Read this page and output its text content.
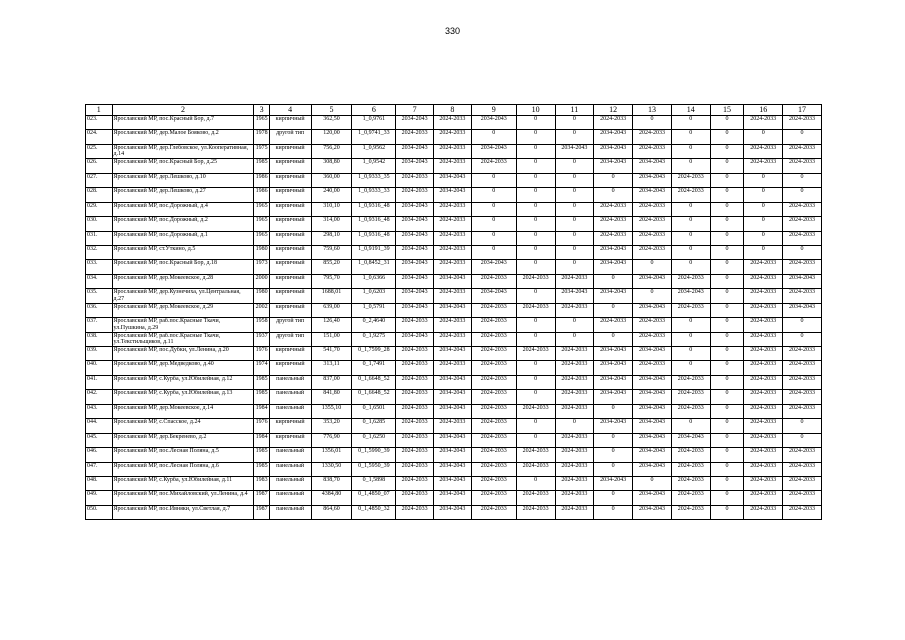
330
1	2	3	4	5	6	7	8	9	10	11	12	13	14	15	16	17
023.	Ярославский МР, пос.Красный Бор, д.7	1965	кирпичный	362,50	1_0,9761	2034-2043	2024-2033	2034-2043	0	0	2024-2033	0	0	0	2024-2033	2024-2033
024.	Ярославский МР, дер.Малое Бояково, д.2	1978	другой тип	120,00	1_0,9741_33	2024-2033	2024-2033	0	0	0	2034-2043	2024-2033	0	0	0	0
025.	Ярославский МР, дер.Глебовское, ул.Кооперативная, д.14	1975	кирпичный	756,20	1_0,9562	2034-2043	2024-2033	2034-2043	0	2034-2043	2034-2043	2024-2033	0	0	2024-2033	2024-2033
026.	Ярославский МР, пос.Красный Бор, д.25	1985	кирпичный	308,80	1_0,9542	2034-2043	2024-2033	2024-2033	0	0	2034-2043	2034-2043	0	0	2024-2033	2024-2033
027.	Ярославский МР, дер.Лешково, д.10	1986	кирпичный	360,00	1_0,9333_35	2024-2033	2034-2043	0	0	0	0	2034-2043	2024-2033	0	0	0
028.	Ярославский МР, дер.Лешково, д.27	1986	кирпичный	240,00	1_0,9333_33	2024-2033	2034-2043	0	0	0	0	2034-2043	2024-2033	0	0	0
029.	Ярославский МР, пос.Дорожный, д.4	1965	кирпичный	310,10	1_0,9316_48	2034-2043	2024-2033	0	0	0	2024-2033	2024-2033	0	0	0	2024-2033
030.	Ярославский МР, пос.Дорожный, д.2	1965	кирпичный	314,00	1_0,9316_48	2034-2043	2024-2033	0	0	0	2024-2033	2024-2033	0	0	0	2024-2033
031.	Ярославский МР, пос.Дорожный, д.1	1965	кирпичный	298,10	1_0,9316_48	2034-2043	2024-2033	0	0	0	2024-2033	2024-2033	0	0	0	2024-2033
032.	Ярославский МР, ст.Уткино, д.5	1980	кирпичный	759,60	1_0,9191_39	2034-2043	2024-2033	0	0	0	2034-2043	2024-2033	0	0	0	0
033.	Ярославский МР, пос.Красный Бор, д.18	1973	кирпичный	855,20	1_0,8452_31	2034-2043	2024-2033	2034-2043	0	0	2034-2043	0	0	0	2024-2033	2024-2033
034.	Ярославский МР, дер.Мокеевское, д.28	2000	кирпичный	795,70	1_0,6366	2034-2043	2034-2043	2024-2033	2024-2033	2024-2033	0	2034-2043	2024-2033	0	2024-2033	2034-2043
035.	Ярославский МР, дер.Кузнечиха, ул.Центральная, д.27	1980	кирпичный	1688,01	1_0,6203	2034-2043	2024-2033	2034-2043	0	2034-2043	2034-2043	0	2034-2043	0	2024-2033	2024-2033
036.	Ярославский МР, дер.Мокеевское, д.29	2002	кирпичный	639,00	1_0,5791	2034-2043	2034-2043	2024-2033	2024-2033	2024-2033	0	2034-2043	2024-2033	0	2024-2033	2034-2043
037.	Ярославский МР, раб.пос.Красные Ткачи, ул.Пушкина, д.29	1958	другой тип	126,40	0_2,4640	2024-2033	2024-2033	2024-2033	0	0	2024-2033	2024-2033	0	0	2024-2033	0
038.	Ярославский МР, раб.пос.Красные Ткачи, ул.Текстильщиков, д.11	1937	другой тип	151,00	0_1,9275	2034-2043	2024-2033	2024-2033	0	0	0	2024-2033	0	0	2024-2033	0
039.	Ярославский МР, пос.Дубки, ул.Ленина, д.20	1976	кирпичный	541,70	0_1,7599_28	2024-2033	2034-2043	2024-2033	2024-2033	2024-2033	2034-2043	2034-2043	0	0	2024-2033	2024-2033
040.	Ярославский МР, дер.Медведково, д.40	1974	кирпичный	313,11	0_1,7491	2024-2033	2024-2033	2024-2033	0	2024-2033	2034-2043	2024-2033	0	0	2024-2033	2024-2033
041.	Ярославский МР, с.Курба, ул.Юбилейная, д.12	1985	панельный	837,00	0_1,6648_52	2024-2033	2034-2043	2024-2033	0	2024-2033	2034-2043	2034-2043	2024-2033	0	2024-2033	2024-2033
042.	Ярославский МР, с.Курба, ул.Юбилейная, д.13	1985	панельный	841,80	0_1,6648_52	2024-2033	2034-2043	2024-2033	0	2024-2033	2034-2043	2034-2043	2024-2033	0	2024-2033	2024-2033
043.	Ярославский МР, дер.Мокеевское, д.14	1984	панельный	1355,10	0_1,6501	2024-2033	2034-2043	2024-2033	2024-2033	2024-2033	0	2034-2043	2024-2033	0	2024-2033	2024-2033
044.	Ярославский МР, с.Спасское, д.24	1976	кирпичный	353,20	0_1,6285	2024-2033	2024-2033	2024-2033	0	0	2034-2043	2034-2043	0	0	2024-2033	0
045.	Ярославский МР, дер.Бекренево, д.2	1984	кирпичный	776,90	0_1,6250	2024-2033	2034-2043	2024-2033	0	2024-2033	0	2034-2043	2034-2043	0	2024-2033	0
046.	Ярославский МР, пос.Лесная Поляна, д.5	1985	панельный	1356,01	0_1,5990_39	2024-2033	2034-2043	2024-2033	2024-2033	2024-2033	0	2034-2043	2024-2033	0	2024-2033	2024-2033
047.	Ярославский МР, пос.Лесная Поляна, д.6	1985	панельный	1330,50	0_1,5950_39	2024-2033	2034-2043	2024-2033	2024-2033	2024-2033	0	2034-2043	2024-2033	0	2024-2033	2024-2033
048.	Ярославский МР, с.Курба, ул.Юбилейная, д.11	1983	панельный	838,70	0_1,5898	2024-2033	2034-2043	2024-2033	0	2024-2033	2034-2043	0	2024-2033	0	2024-2033	2024-2033
049.	Ярославский МР, пос.Михайловский, ул.Ленина, д.4	1987	панельный	4384,80	0_1,4850_07	2024-2033	2034-2043	2024-2033	2024-2033	2024-2033	0	2034-2043	2024-2033	0	2024-2033	2024-2033
050.	Ярославский МР, пос.Ивняки, ул.Светлая, д.7	1987	панельный	864,60	0_1,4850_32	2024-2033	2034-2043	2024-2033	2024-2033	2024-2033	0	2034-2043	2024-2033	0	2024-2033	2024-2033
